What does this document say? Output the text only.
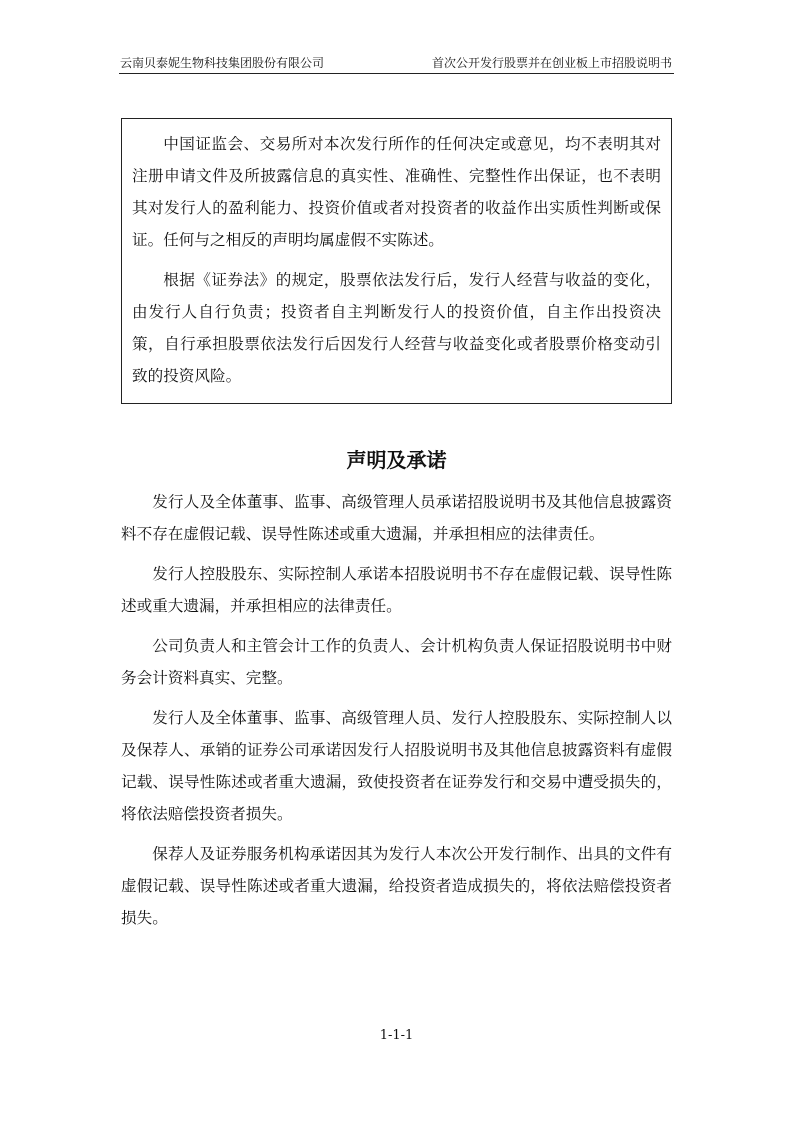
云南贝泰妮生物科技集团股份有限公司	首次公开发行股票并在创业板上市招股说明书

中国证监会、交易所对本次发行所作的任何决定或意见，均不表明其对注册申请文件及所披露信息的真实性、准确性、完整性作出保证，也不表明其对发行人的盈利能力、投资价值或者对投资者的收益作出实质性判断或保证。任何与之相反的声明均属虚假不实陈述。

根据《证券法》的规定，股票依法发行后，发行人经营与收益的变化，由发行人自行负责；投资者自主判断发行人的投资价值，自主作出投资决策，自行承担股票依法发行后因发行人经营与收益变化或者股票价格变动引致的投资风险。

声明及承诺

发行人及全体董事、监事、高级管理人员承诺招股说明书及其他信息披露资料不存在虚假记载、误导性陈述或重大遗漏，并承担相应的法律责任。

发行人控股股东、实际控制人承诺本招股说明书不存在虚假记载、误导性陈述或重大遗漏，并承担相应的法律责任。

公司负责人和主管会计工作的负责人、会计机构负责人保证招股说明书中财务会计资料真实、完整。

发行人及全体董事、监事、高级管理人员、发行人控股股东、实际控制人以及保荐人、承销的证券公司承诺因发行人招股说明书及其他信息披露资料有虚假记载、误导性陈述或者重大遗漏，致使投资者在证券发行和交易中遭受损失的，将依法赔偿投资者损失。

保荐人及证券服务机构承诺因其为发行人本次公开发行制作、出具的文件有虚假记载、误导性陈述或者重大遗漏，给投资者造成损失的，将依法赔偿投资者损失。

1-1-1
